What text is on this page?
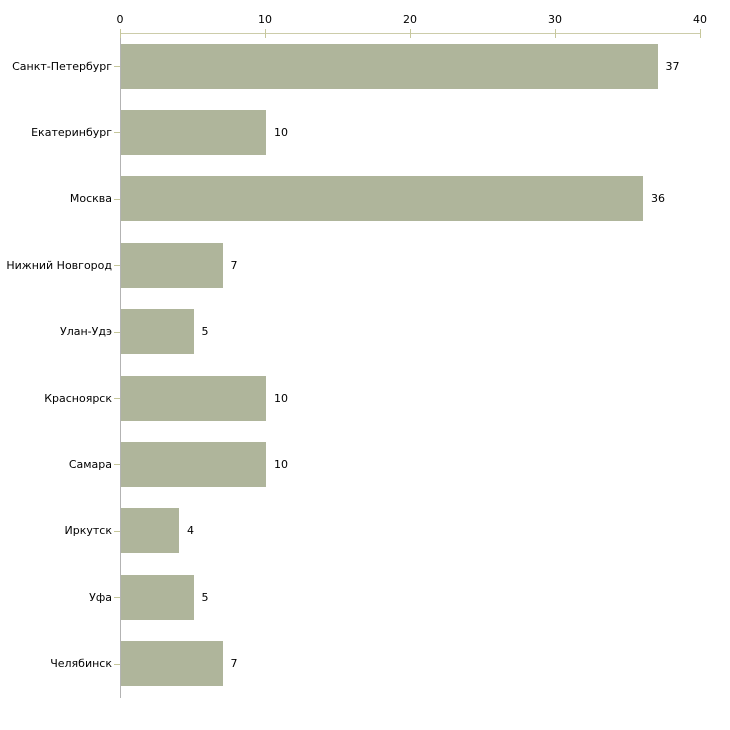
0	10	20	30	40
Санкт-Петербург	37
Екатеринбург	10
Москва	36
Нижний Новгород	7
Улан-Удэ	5
Красноярск	10
Самара	10
Иркутск	4
Уфа	5
Челябинск	7
